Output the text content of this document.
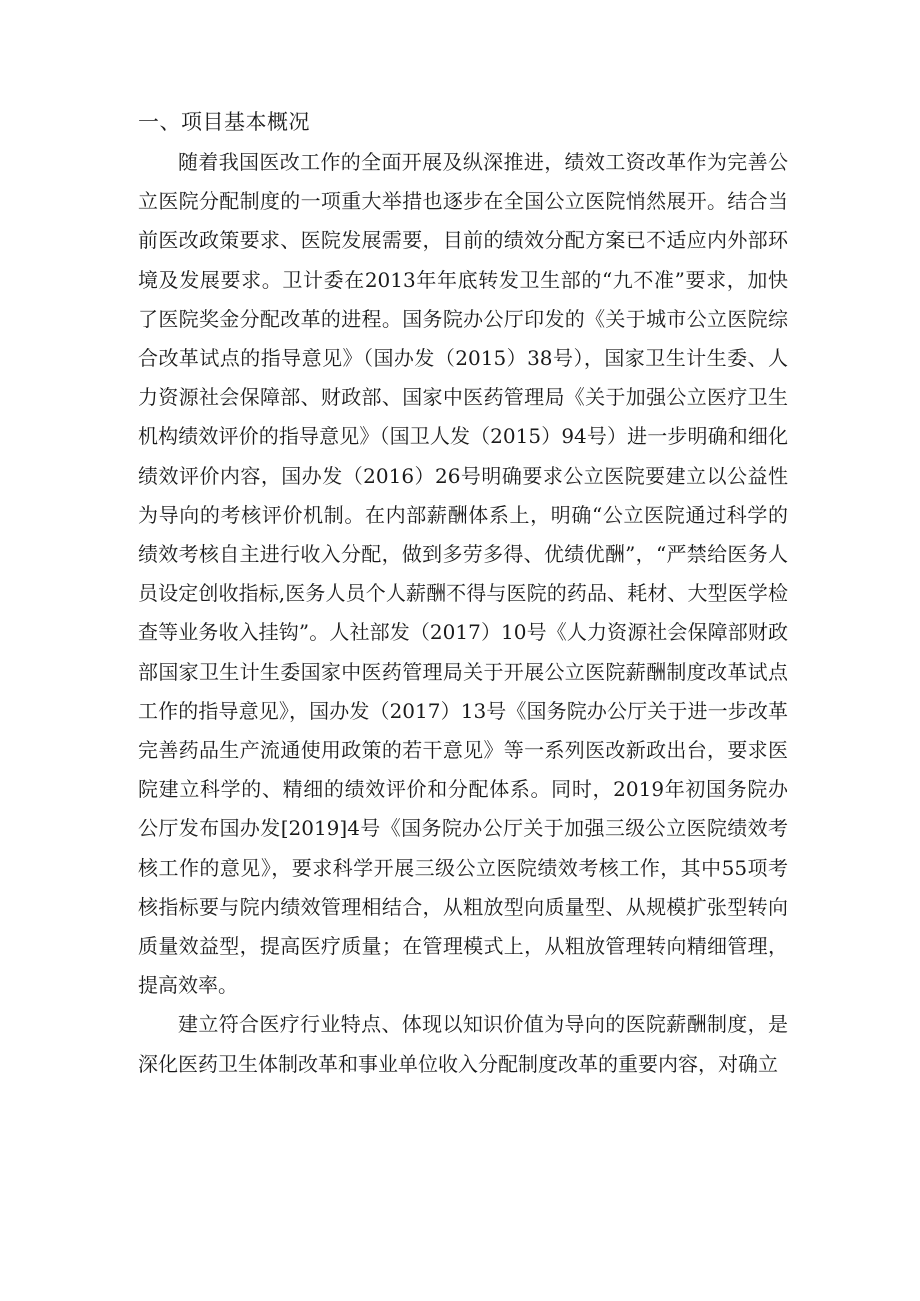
一、项目基本概况

随着我国医改工作的全面开展及纵深推进，绩效工资改革作为完善公立医院分配制度的一项重大举措也逐步在全国公立医院悄然展开。结合当前医改政策要求、医院发展需要，目前的绩效分配方案已不适应内外部环境及发展要求。卫计委在2013年年底转发卫生部的“九不准”要求，加快了医院奖金分配改革的进程。国务院办公厅印发的《关于城市公立医院综合改革试点的指导意见》（国办发（2015）38号），国家卫生计生委、人力资源社会保障部、财政部、国家中医药管理局《关于加强公立医疗卫生机构绩效评价的指导意见》（国卫人发（2015）94号）进一步明确和细化绩效评价内容，国办发（2016）26号明确要求公立医院要建立以公益性为导向的考核评价机制。在内部薪酬体系上，明确“公立医院通过科学的绩效考核自主进行收入分配，做到多劳多得、优绩优酬”，“严禁给医务人员设定创收指标,医务人员个人薪酬不得与医院的药品、耗材、大型医学检查等业务收入挂钩”。人社部发（2017）10号《人力资源社会保障部财政部国家卫生计生委国家中医药管理局关于开展公立医院薪酬制度改革试点工作的指导意见》，国办发（2017）13号《国务院办公厅关于进一步改革完善药品生产流通使用政策的若干意见》等一系列医改新政出台，要求医院建立科学的、精细的绩效评价和分配体系。同时，2019年初国务院办公厅发布国办发[2019]4号《国务院办公厅关于加强三级公立医院绩效考核工作的意见》，要求科学开展三级公立医院绩效考核工作，其中55项考核指标要与院内绩效管理相结合，从粗放型向质量型、从规模扩张型转向质量效益型，提高医疗质量；在管理模式上，从粗放管理转向精细管理，提高效率。

建立符合医疗行业特点、体现以知识价值为导向的医院薪酬制度，是深化医药卫生体制改革和事业单位收入分配制度改革的重要内容，对确立
